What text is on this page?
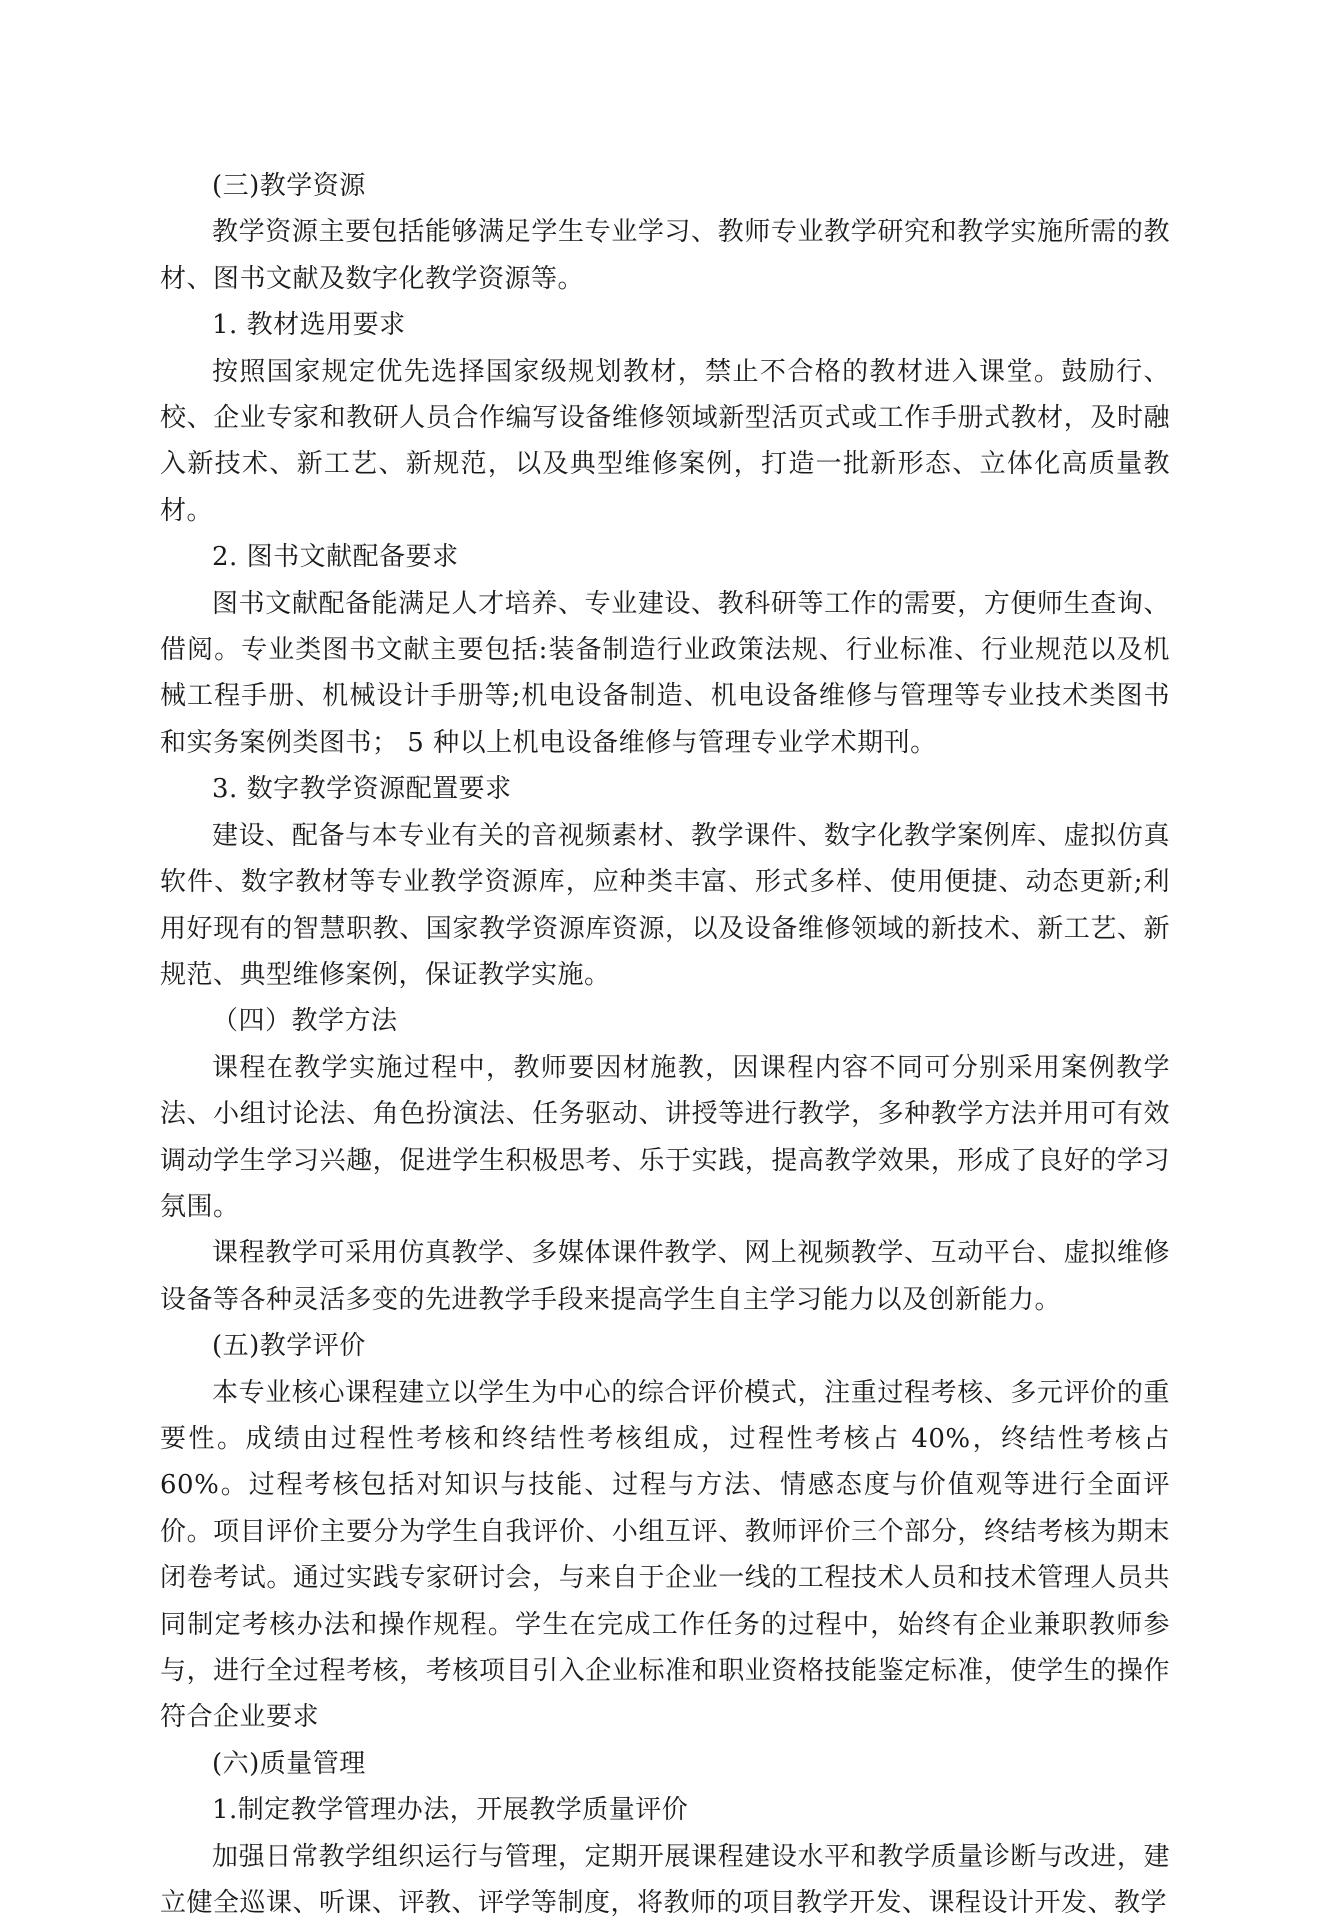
(三)教学资源

教学资源主要包括能够满足学生专业学习、教师专业教学研究和教学实施所需的教材、图书文献及数字化教学资源等。

1. 教材选用要求

按照国家规定优先选择国家级规划教材，禁止不合格的教材进入课堂。鼓励行、校、企业专家和教研人员合作编写设备维修领域新型活页式或工作手册式教材，及时融入新技术、新工艺、新规范，以及典型维修案例，打造一批新形态、立体化高质量教材。

2. 图书文献配备要求

图书文献配备能满足人才培养、专业建设、教科研等工作的需要，方便师生查询、借阅。专业类图书文献主要包括:装备制造行业政策法规、行业标准、行业规范以及机械工程手册、机械设计手册等;机电设备制造、机电设备维修与管理等专业技术类图书和实务案例类图书； 5 种以上机电设备维修与管理专业学术期刊。

3. 数字教学资源配置要求

建设、配备与本专业有关的音视频素材、教学课件、数字化教学案例库、虚拟仿真软件、数字教材等专业教学资源库，应种类丰富、形式多样、使用便捷、动态更新;利用好现有的智慧职教、国家教学资源库资源，以及设备维修领域的新技术、新工艺、新规范、典型维修案例，保证教学实施。

（四）教学方法

课程在教学实施过程中，教师要因材施教，因课程内容不同可分别采用案例教学法、小组讨论法、角色扮演法、任务驱动、讲授等进行教学，多种教学方法并用可有效调动学生学习兴趣，促进学生积极思考、乐于实践，提高教学效果，形成了良好的学习氛围。

课程教学可采用仿真教学、多媒体课件教学、网上视频教学、互动平台、虚拟维修设备等各种灵活多变的先进教学手段来提高学生自主学习能力以及创新能力。

(五)教学评价

本专业核心课程建立以学生为中心的综合评价模式，注重过程考核、多元评价的重要性。成绩由过程性考核和终结性考核组成，过程性考核占 40%，终结性考核占 60%。过程考核包括对知识与技能、过程与方法、情感态度与价值观等进行全面评价。项目评价主要分为学生自我评价、小组互评、教师评价三个部分，终结考核为期末闭卷考试。通过实践专家研讨会，与来自于企业一线的工程技术人员和技术管理人员共同制定考核办法和操作规程。学生在完成工作任务的过程中，始终有企业兼职教师参与，进行全过程考核，考核项目引入企业标准和职业资格技能鉴定标准，使学生的操作符合企业要求

(六)质量管理

1.制定教学管理办法，开展教学质量评价

加强日常教学组织运行与管理，定期开展课程建设水平和教学质量诊断与改进，建立健全巡课、听课、评教、评学等制度，将教师的项目教学开发、课程设计开发、教学
